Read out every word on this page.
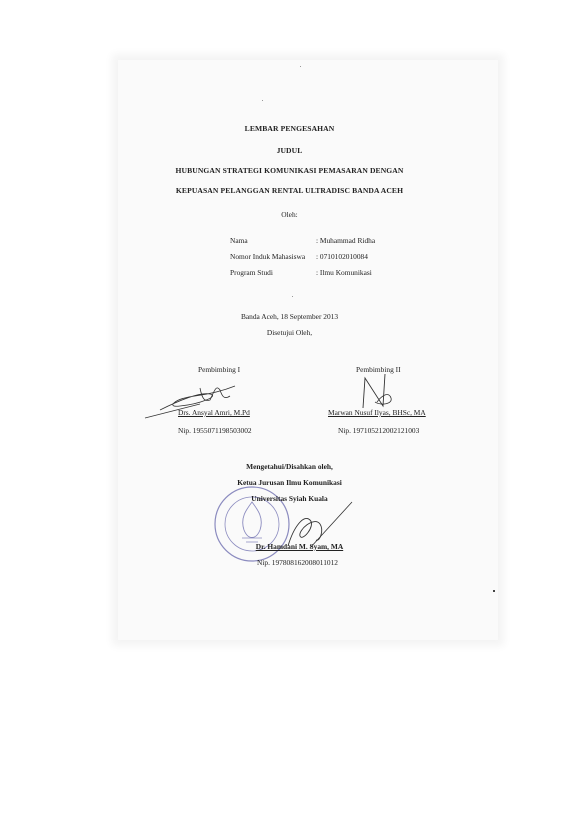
LEMBAR PENGESAHAN
JUDUL
HUBUNGAN STRATEGI KOMUNIKASI PEMASARAN DENGAN
KEPUASAN PELANGGAN RENTAL ULTRADISC BANDA ACEH
Oleh:
Nama	: Muhammad Ridha
Nomor Induk Mahasiswa : 0710102010084
Program Studi	: Ilmu Komunikasi
Banda Aceh, 18 September 2013
Disetujui Oleh,
Pembimbing I	Pembimbing II
Drs. Ansyal Amri, M.Pd	Marwan Nusuf Ilyas, BHSc, MA
Nip. 1955071198503002	Nip. 197105212002121003
Mengetahui/Disahkan oleh,
Ketua Jurusan Ilmu Komunikasi
Universitas Syiah Kuala
Dr. Hamdani M. Syam, MA
Nip. 197808162008011012
